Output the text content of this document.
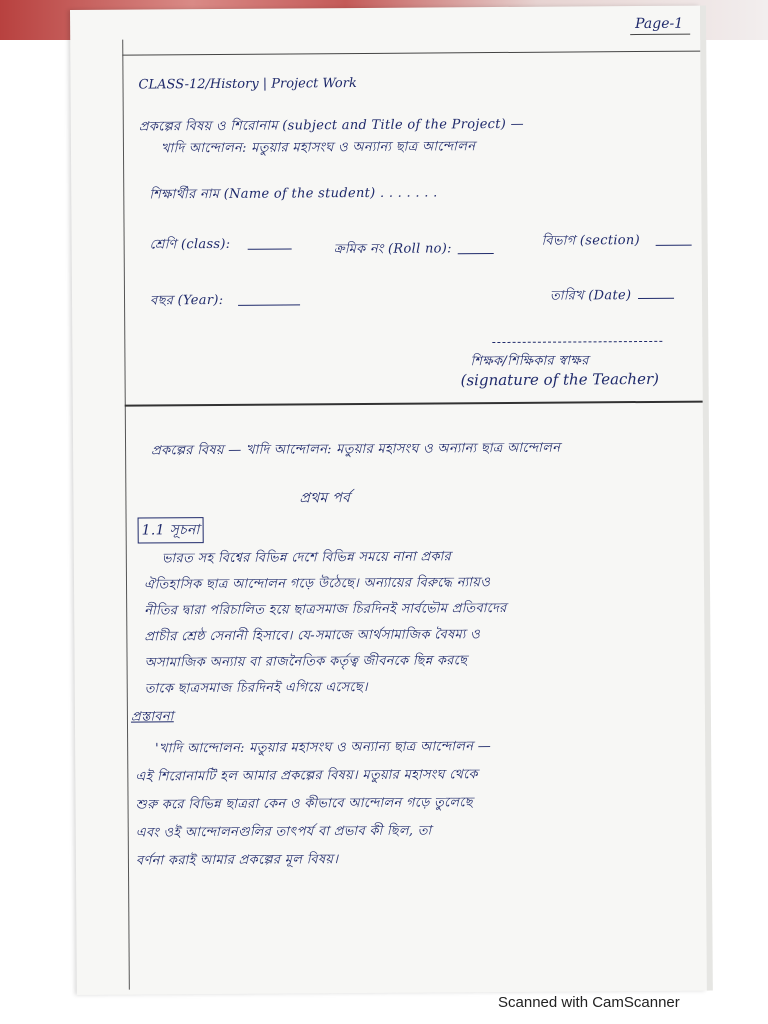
Page-1
CLASS-12/History | Project Work
প্রকল্পের বিষয় ও শিরোনাম (subject and Title of the Project) —
খাদি আন্দোলন: মতুয়ার মহাসংঘ ও অন্যান্য ছাত্র আন্দোলন
শিক্ষার্থীর নাম (Name of the student) . . . . . . .
শ্রেণি (class):	ক্রমিক নং (Roll no):
বিভাগ (section)
বছর (Year):	তারিখ (Date)
শিক্ষক/শিক্ষিকার স্বাক্ষর
(signature of the Teacher)
প্রকল্পের বিষয় — খাদি আন্দোলন: মতুয়ার মহাসংঘ ও অন্যান্য ছাত্র আন্দোলন
প্রথম পর্ব
1.1 সূচনা
ভারত সহ বিশ্বের বিভিন্ন দেশে বিভিন্ন সময়ে নানা প্রকার
ঐতিহাসিক ছাত্র আন্দোলন গড়ে উঠেছে। অন্যায়ের বিরুদ্ধে ন্যায়ও
নীতির দ্বারা পরিচালিত হয়ে ছাত্রসমাজ চিরদিনই সার্বভৌম প্রতিবাদের
প্রাচীর শ্রেষ্ঠ সেনানী হিসাবে। যে-সমাজে আর্থসামাজিক বৈষম্য ও
অসামাজিক অন্যায় বা রাজনৈতিক কর্তৃত্ব জীবনকে ছিন্ন করছে
তাকে ছাত্রসমাজ চিরদিনই এগিয়ে এসেছে।
প্রস্তাবনা
'খাদি আন্দোলন: মতুয়ার মহাসংঘ ও অন্যান্য ছাত্র আন্দোলন —
এই শিরোনামটি হল আমার প্রকল্পের বিষয়। মতুয়ার মহাসংঘ থেকে
শুরু করে বিভিন্ন ছাত্ররা কেন ও কীভাবে আন্দোলন গড়ে তুলেছে
এবং ওই আন্দোলনগুলির তাৎপর্য বা প্রভাব কী ছিল, তা
বর্ণনা করাই আমার প্রকল্পের মূল বিষয়।
Scanned with CamScanner
